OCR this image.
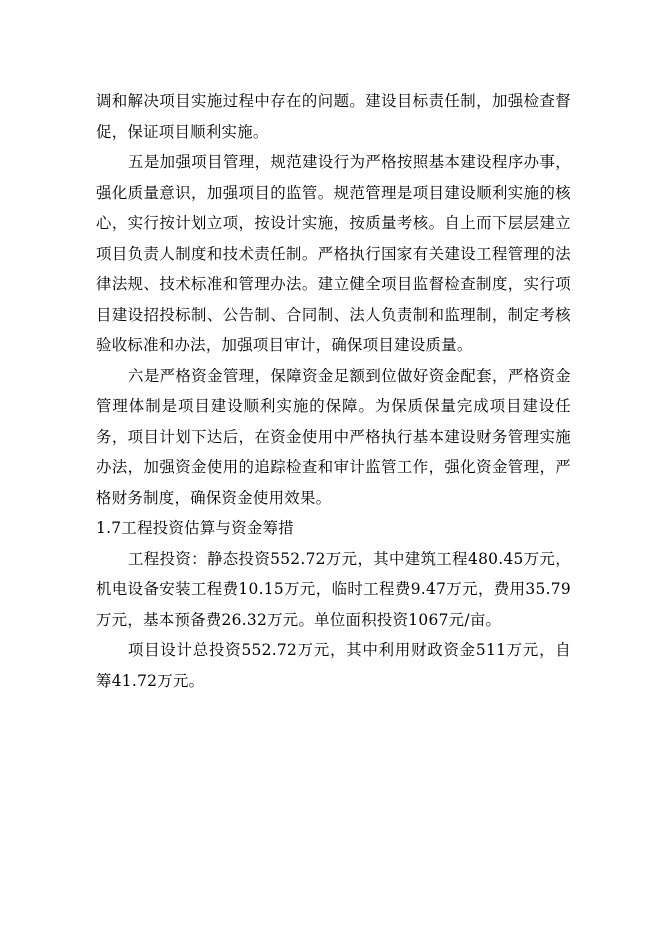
调和解决项目实施过程中存在的问题。建设目标责任制，加强检查督促，保证项目顺利实施。

五是加强项目管理，规范建设行为严格按照基本建设程序办事，强化质量意识，加强项目的监管。规范管理是项目建设顺利实施的核心，实行按计划立项，按设计实施，按质量考核。自上而下层层建立项目负责人制度和技术责任制。严格执行国家有关建设工程管理的法律法规、技术标准和管理办法。建立健全项目监督检查制度，实行项目建设招投标制、公告制、合同制、法人负责制和监理制，制定考核验收标准和办法，加强项目审计，确保项目建设质量。

六是严格资金管理，保障资金足额到位做好资金配套，严格资金管理体制是项目建设顺利实施的保障。为保质保量完成项目建设任务，项目计划下达后，在资金使用中严格执行基本建设财务管理实施办法，加强资金使用的追踪检查和审计监管工作，强化资金管理，严格财务制度，确保资金使用效果。

1.7工程投资估算与资金筹措

工程投资：静态投资552.72万元，其中建筑工程480.45万元，机电设备安装工程费10.15万元，临时工程费9.47万元，费用35.79万元，基本预备费26.32万元。单位面积投资1067元/亩。

项目设计总投资552.72万元，其中利用财政资金511万元，自筹41.72万元。
